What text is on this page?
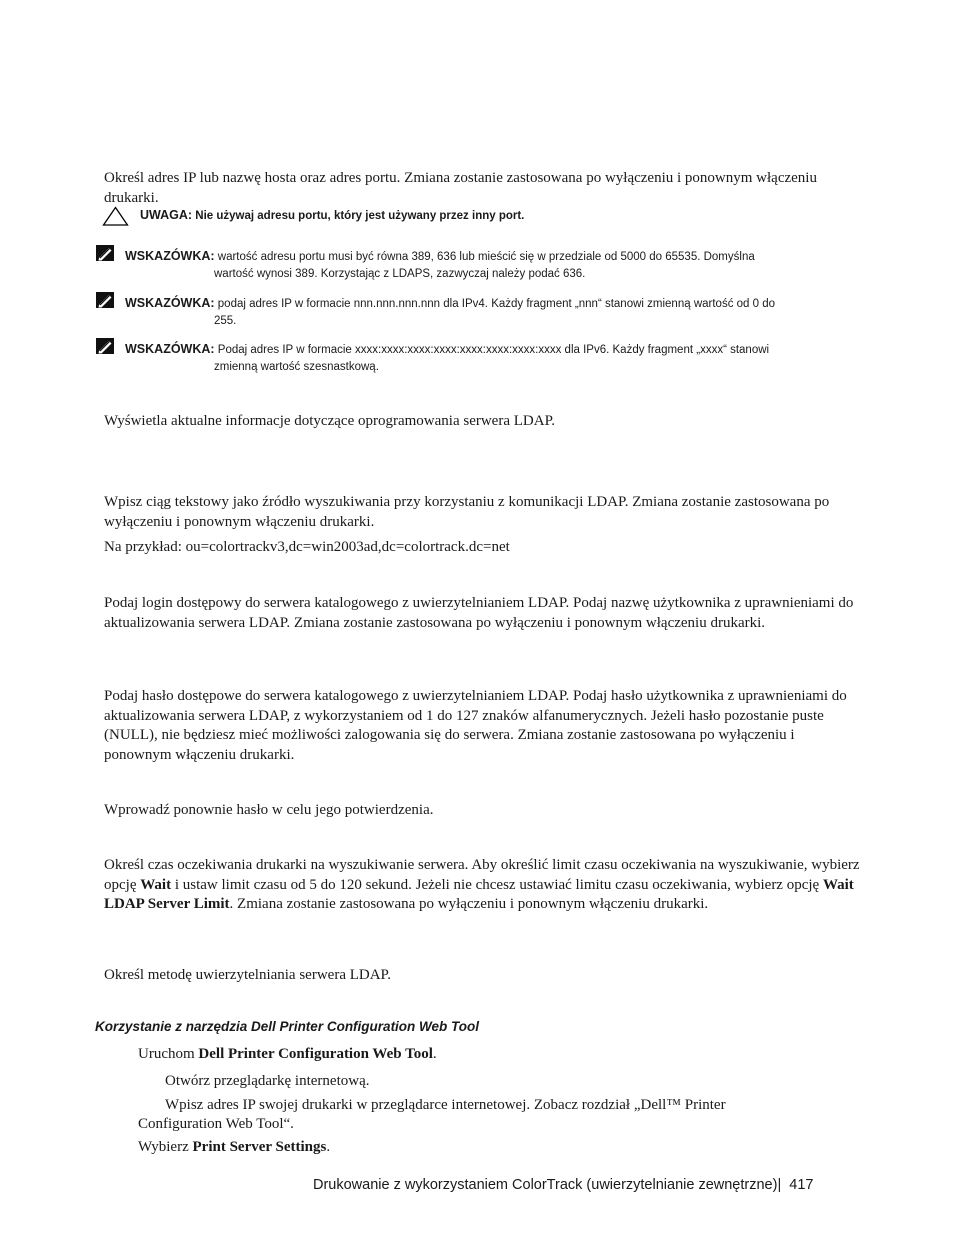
Określ adres IP lub nazwę hosta oraz adres portu. Zmiana zostanie zastosowana po wyłączeniu i ponownym włączeniu drukarki.

UWAGA: Nie używaj adresu portu, który jest używany przez inny port.
WSKAZÓWKA: wartość adresu portu musi być równa 389, 636 lub mieścić się w przedziale od 5000 do 65535. Domyślna
wartość wynosi 389. Korzystając z LDAPS, zazwyczaj należy podać 636.
WSKAZÓWKA: podaj adres IP w formacie nnn.nnn.nnn.nnn dla IPv4. Każdy fragment „nnn“ stanowi zmienną wartość od 0 do
255.
WSKAZÓWKA: Podaj adres IP w formacie xxxx:xxxx:xxxx:xxxx:xxxx:xxxx:xxxx:xxxx dla IPv6. Każdy fragment „xxxx“ stanowi
zmienną wartość szesnastkową.

Wyświetla aktualne informacje dotyczące oprogramowania serwera LDAP.

Wpisz ciąg tekstowy jako źródło wyszukiwania przy korzystaniu z komunikacji LDAP. Zmiana zostanie zastosowana po wyłączeniu i ponownym włączeniu drukarki.

Na przykład: ou=colortrackv3,dc=win2003ad,dc=colortrack.dc=net

Podaj login dostępowy do serwera katalogowego z uwierzytelnianiem LDAP. Podaj nazwę użytkownika z uprawnieniami do aktualizowania serwera LDAP. Zmiana zostanie zastosowana po wyłączeniu i ponownym włączeniu drukarki.

Podaj hasło dostępowe do serwera katalogowego z uwierzytelnianiem LDAP. Podaj hasło użytkownika z uprawnieniami do aktualizowania serwera LDAP, z wykorzystaniem od 1 do 127 znaków alfanumerycznych. Jeżeli hasło pozostanie puste (NULL), nie będziesz mieć możliwości zalogowania się do serwera. Zmiana zostanie zastosowana po wyłączeniu i ponownym włączeniu drukarki.

Wprowadź ponownie hasło w celu jego potwierdzenia.

Określ czas oczekiwania drukarki na wyszukiwanie serwera. Aby określić limit czasu oczekiwania na wyszukiwanie, wybierz opcję Wait i ustaw limit czasu od 5 do 120 sekund. Jeżeli nie chcesz ustawiać limitu czasu oczekiwania, wybierz opcję Wait LDAP Server Limit. Zmiana zostanie zastosowana po wyłączeniu i ponownym włączeniu drukarki.

Określ metodę uwierzytelniania serwera LDAP.

Korzystanie z narzędzia Dell Printer Configuration Web Tool
Uruchom Dell Printer Configuration Web Tool.
Otwórz przeglądarkę internetową.
Wpisz adres IP swojej drukarki w przeglądarce internetowej. Zobacz rozdział „Dell™ Printer
Configuration Web Tool“.
Wybierz Print Server Settings.
Drukowanie z wykorzystaniem ColorTrack (uwierzytelnianie zewnętrzne)| 417
